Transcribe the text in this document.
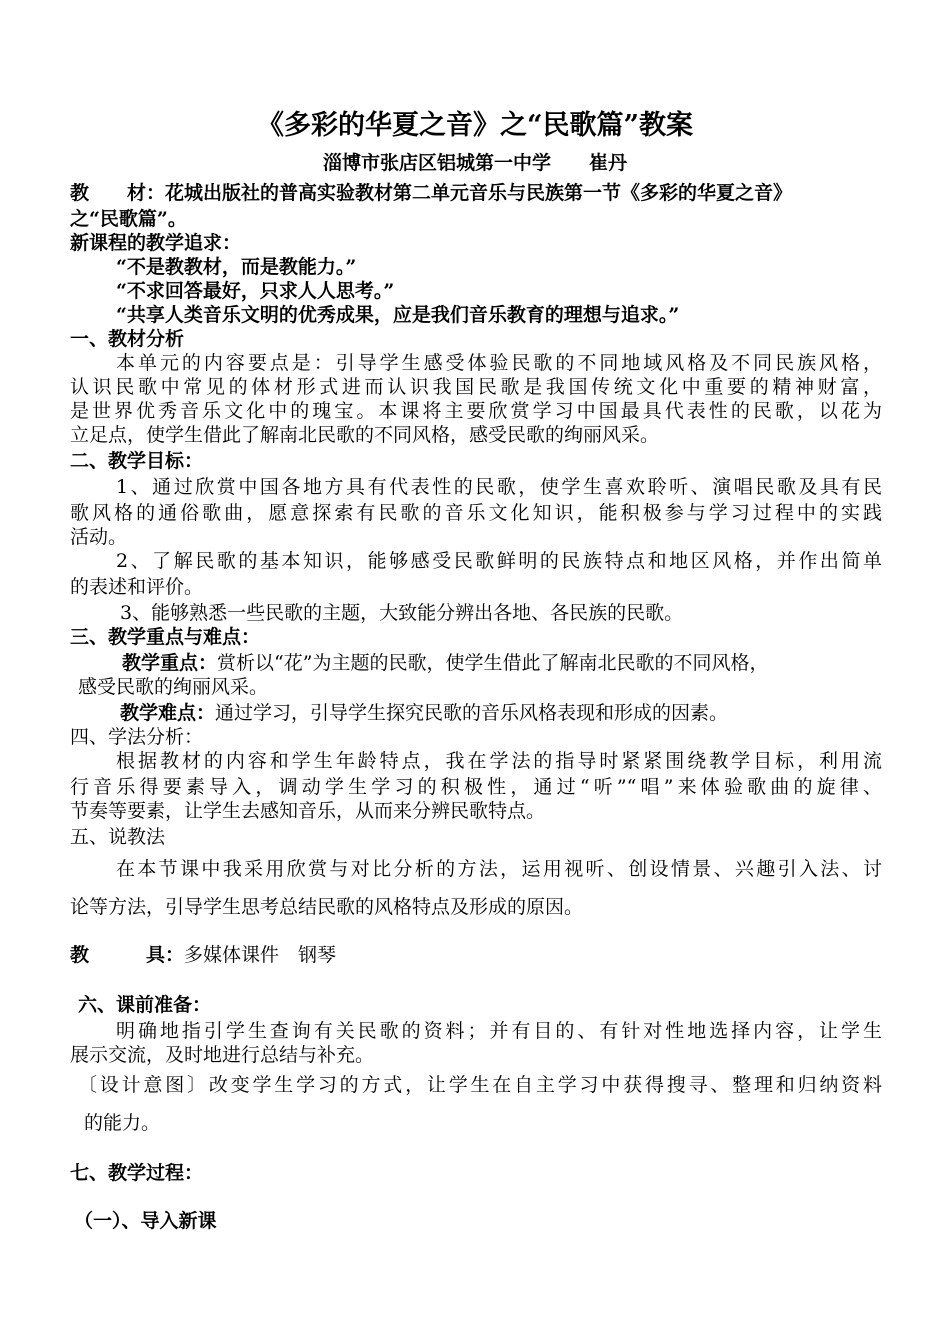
《多彩的华夏之音》之“民歌篇”教案
淄博市张店区铝城第一中学　　崔丹
教　　材：花城出版社的普高实验教材第二单元音乐与民族第一节《多彩的华夏之音》
之“民歌篇”。
新课程的教学追求：
“不是教教材，而是教能力。”
“不求回答最好，只求人人思考。”
“共享人类音乐文明的优秀成果，应是我们音乐教育的理想与追求。”
一、教材分析
本单元的内容要点是：引导学生感受体验民歌的不同地域风格及不同民族风格，
认识民歌中常见的体材形式进而认识我国民歌是我国传统文化中重要的精神财富，
是世界优秀音乐文化中的瑰宝。本课将主要欣赏学习中国最具代表性的民歌，以花为
立足点，使学生借此了解南北民歌的不同风格，感受民歌的绚丽风采。
二、教学目标：
1、通过欣赏中国各地方具有代表性的民歌，使学生喜欢聆听、演唱民歌及具有民
歌风格的通俗歌曲，愿意探索有民歌的音乐文化知识，能积极参与学习过程中的实践
活动。
2、了解民歌的基本知识，能够感受民歌鲜明的民族特点和地区风格，并作出简单
的表述和评价。
3、能够熟悉一些民歌的主题，大致能分辨出各地、各民族的民歌。
三、教学重点与难点：
教学重点：赏析以“花”为主题的民歌，使学生借此了解南北民歌的不同风格，
感受民歌的绚丽风采。
教学难点：通过学习，引导学生探究民歌的音乐风格表现和形成的因素。
四、学法分析：
根据教材的内容和学生年龄特点，我在学法的指导时紧紧围绕教学目标，利用流
行音乐得要素导入，调动学生学习的积极性，通过“听”“唱”来体验歌曲的旋律、
节奏等要素，让学生去感知音乐，从而来分辨民歌特点。
五、说教法
在本节课中我采用欣赏与对比分析的方法，运用视听、创设情景、兴趣引入法、讨
论等方法，引导学生思考总结民歌的风格特点及形成的原因。
教　　　具：多媒体课件　钢琴
六、课前准备：
明确地指引学生查询有关民歌的资料；并有目的、有针对性地选择内容，让学生
展示交流，及时地进行总结与补充。
〔设计意图〕改变学生学习的方式，让学生在自主学习中获得搜寻、整理和归纳资料
的能力。
七、教学过程：
（一）、导入新课
